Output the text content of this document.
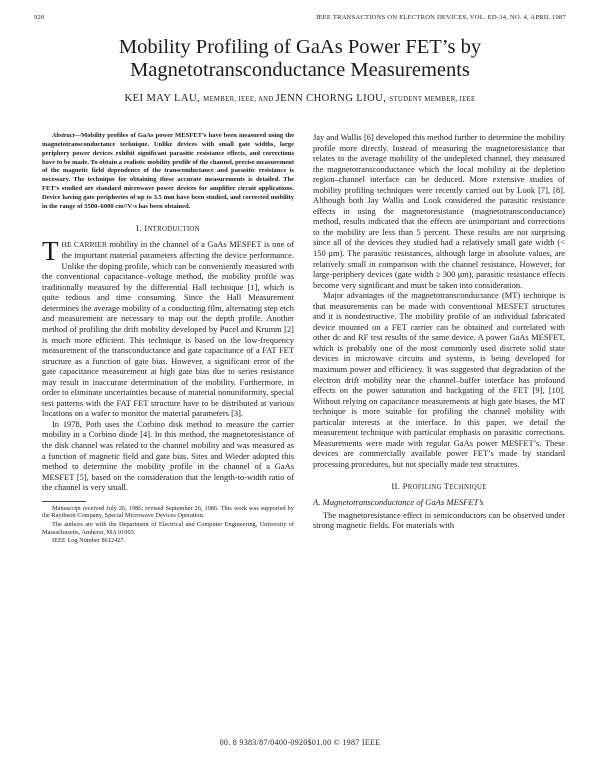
920	IEEE TRANSACTIONS ON ELECTRON DEVICES, VOL. ED-34, NO. 4, APRIL 1987
Mobility Profiling of GaAs Power FET’s by
Magnetotransconductance Measurements
KEI MAY LAU, MEMBER, IEEE, AND JENN CHORNG LIOU, STUDENT MEMBER, IEEE

Abstract—Mobility profiles of GaAs power MESFET’s have been measured using the magnetotransconductance technique. Unlike devices with small gate widths, large periphery power devices exhibit significant parasitic resistance effects, and corrections have to be made. To obtain a realistic mobility profile of the channel, precise measurement of the magnetic field dependence of the transconductance and parasitic resistance is necessary. The technique for obtaining these accurate measurements is detailed. The FET’s studied are standard microwave power devices for amplifier circuit applications. Device having gate peripheries of up to 3.5 mm have been studied, and corrected mobility in the range of 3500–6000 cm²/V·s has been obtained.

I. INTRODUCTION

THE CARRIER mobility in the channel of a GaAs MESFET is one of the important material parameters affecting the device performance. Unlike the doping profile, which can be conveniently measured with the conventional capacitance–voltage method, the mobility profile was traditionally measured by the differential Hall technique [1], which is quite tedious and time consuming. Since the Hall Measurement determines the average mobility of a conducting film, alternating step etch and measurement are necessary to map out the depth profile. Another method of profiling the drift mobility developed by Pucel and Krumm [2] is much more efficient. This technique is based on the low-frequency measurement of the transconductance and gate capacitance of a FAT FET structure as a function of gate bias. However, a significant error of the gate capacitance measurement at high gate bias due to series resistance may result in inaccurate determination of the mobility. Furthermore, in order to eliminate uncertainties because of material nonuniformity, special test patterns with the FAT FET structure have to be distributed at various locations on a wafer to monitor the material parameters [3].

In 1978, Poth uses the Corbino disk method to measure the carrier mobility in a Corbino diode [4]. In this method, the magnetoresistance of the disk channel was related to the channel mobility and was measured as a function of magnetic field and gate bias. Sites and Wieder adopted this method to determine the mobility profile in the channel of a GaAs MESFET [5], based on the consideration that the length-to-width ratio of the channel is very small.

Manuscript received July 26, 1986; revised September 26, 1986. This work was supported by the Raytheon Company, Special Microwave Devices Operation.

The authors are with the Department of Electrical and Computer Engineering, University of Massachusetts, Amherst, MA 01003.

IEEE Log Number 8612427.

Jay and Wallis [6] developed this method further to determine the mobility profile more directly. Instead of measuring the magnetoresistance that relates to the average mobility of the undepleted channel, they measured the magnetotransconductance which the local mobility at the depletion region–channel interface can be deduced. More extensive studies of mobility profiling techniques were recently carried out by Look [7], [8]. Although both Jay Wallis and Look considered the parasitic resistance effects in using the magnetoresistance (magnetotransconductance) method, results indicated that the effects are unimportant and corrections to the mobility are less than 5 percent. These results are not surprising since all of the devices they studied had a relatively small gate width (< 150 μm). The parasitic resistances, although large in absolute values, are relatively small in comparison with the channel resistance. However, for large-periphery devices (gate width ≥ 300 μm), parasitic resistance effects become very significant and must be taken into consideration.

Major advantages of the magnetotransconductance (MT) technique is that measurements can be made with conventional MESFET structures and it is nondestructive. The mobility profile of an individual fabricated device mounted on a FET carrier can be obtained and correlated with other dc and RF test results of the same device. A power GaAs MESFET, which is probably one of the most commonly used discrete solid state devices in microwave circuits and systems, is being developed for maximum power and efficiency. It was suggested that degradation of the electron drift mobility near the channel–buffer interface has profound effects on the power saturation and backgating of the FET [9], [10]. Without relying on capacitance measurements at high gate biases, the MT technique is more suitable for profiling the channel mobility with particular interests at the interface. In this paper, we detail the measurement technique with particular emphasis on parasitic corrections. Measurements were made with regular GaAs power MESFET’s. These devices are commercially available power FET’s made by standard processing procedures, but not specially made test structures.

II. PROFILING TECHNIQUE
A. Magnetotransconductance of GaAs MESFET’s

The magnetoresistance effect in semiconductors can be observed under strong magnetic fields. For materials with

00. 8 9383/87/0400-0920$01.00 © 1987 IEEE
